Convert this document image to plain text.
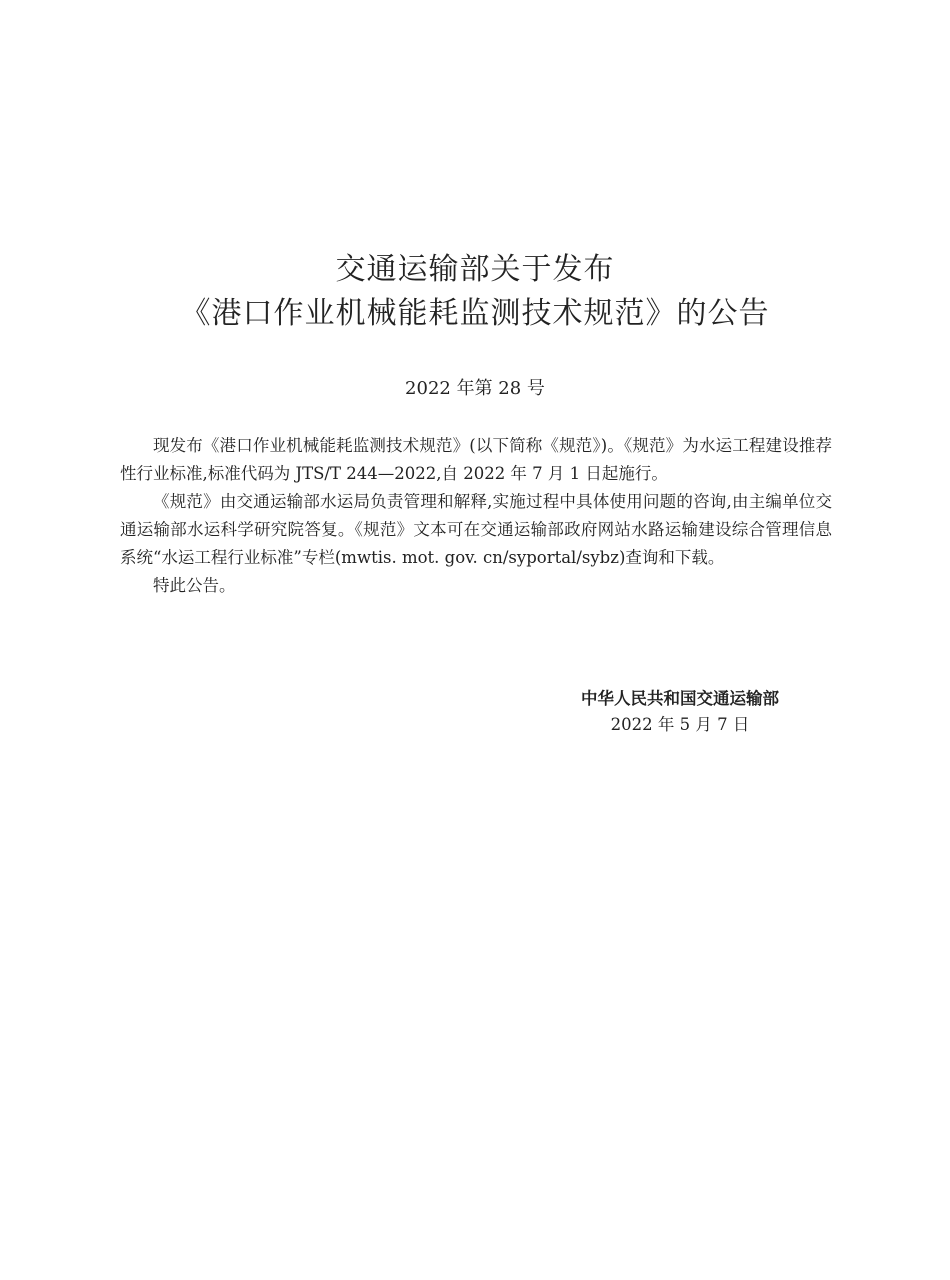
交通运输部关于发布
《港口作业机械能耗监测技术规范》的公告
2022 年第 28 号

现发布《港口作业机械能耗监测技术规范》(以下简称《规范》)。《规范》为水运工程建设推荐性行业标准,标准代码为 JTS/T 244—2022,自 2022 年 7 月 1 日起施行。

《规范》由交通运输部水运局负责管理和解释,实施过程中具体使用问题的咨询,由主编单位交通运输部水运科学研究院答复。《规范》文本可在交通运输部政府网站水路运输建设综合管理信息系统“水运工程行业标准”专栏(mwtis. mot. gov. cn/syportal/sybz)查询和下载。

特此公告。

中华人民共和国交通运输部
2022 年 5 月 7 日
